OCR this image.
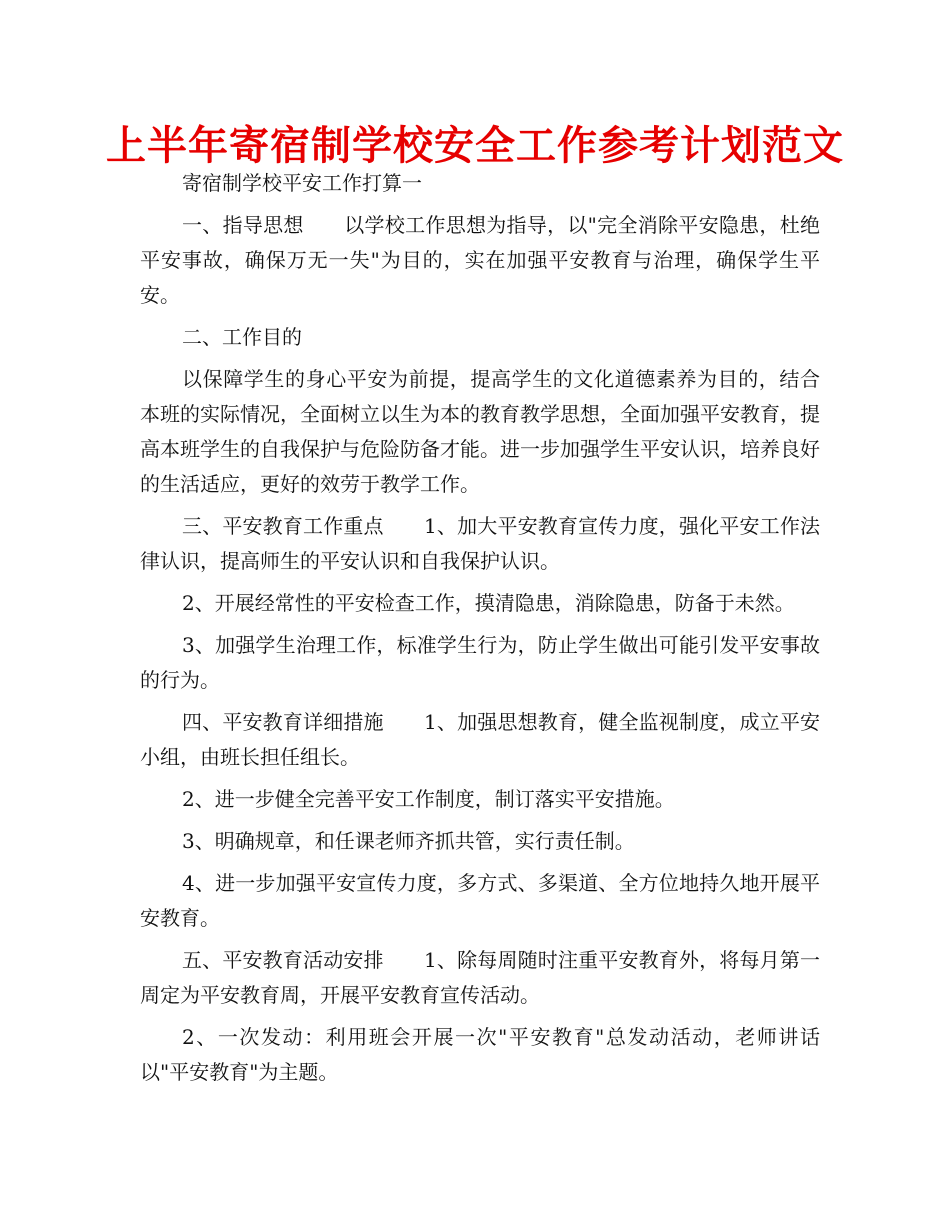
上半年寄宿制学校安全工作参考计划范文

寄宿制学校平安工作打算一

一、指导思想　　以学校工作思想为指导，以"完全消除平安隐患，杜绝平安事故，确保万无一失"为目的，实在加强平安教育与治理，确保学生平安。

二、工作目的

以保障学生的身心平安为前提，提高学生的文化道德素养为目的，结合本班的实际情况，全面树立以生为本的教育教学思想，全面加强平安教育，提高本班学生的自我保护与危险防备才能。进一步加强学生平安认识，培养良好的生活适应，更好的效劳于教学工作。

三、平安教育工作重点　　1、加大平安教育宣传力度，强化平安工作法律认识，提高师生的平安认识和自我保护认识。

2、开展经常性的平安检查工作，摸清隐患，消除隐患，防备于未然。

3、加强学生治理工作，标准学生行为，防止学生做出可能引发平安事故的行为。

四、平安教育详细措施　　1、加强思想教育，健全监视制度，成立平安小组，由班长担任组长。

2、进一步健全完善平安工作制度，制订落实平安措施。

3、明确规章，和任课老师齐抓共管，实行责任制。

4、进一步加强平安宣传力度，多方式、多渠道、全方位地持久地开展平安教育。

五、平安教育活动安排　　1、除每周随时注重平安教育外，将每月第一周定为平安教育周，开展平安教育宣传活动。

2、一次发动：利用班会开展一次"平安教育"总发动活动，老师讲话以"平安教育"为主题。
